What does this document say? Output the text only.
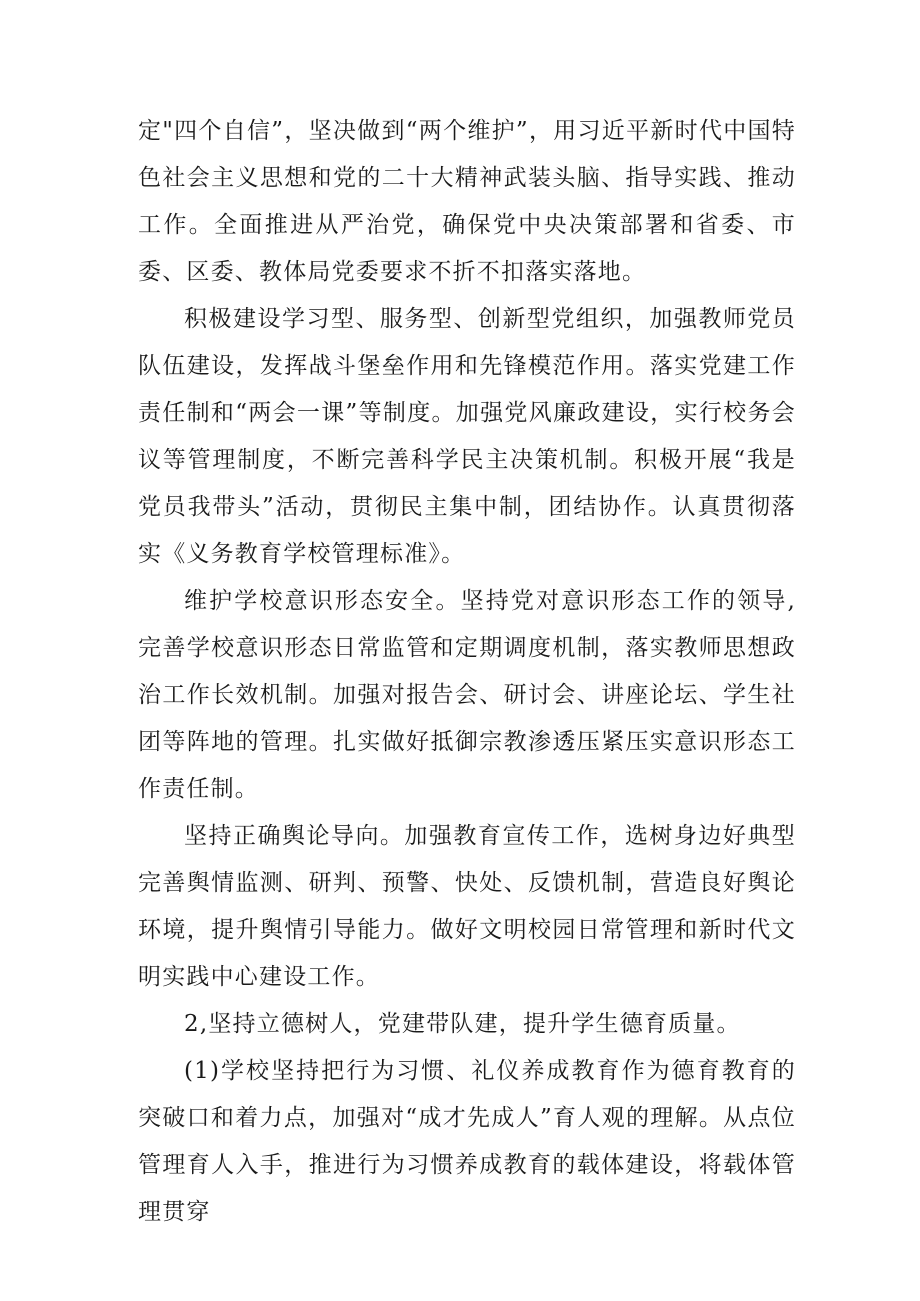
定"四个自信”，坚决做到“两个维护”，用习近平新时代中国特色社会主义思想和党的二十大精神武装头脑、指导实践、推动工作。全面推进从严治党，确保党中央决策部署和省委、市委、区委、教体局党委要求不折不扣落实落地。

积极建设学习型、服务型、创新型党组织，加强教师党员队伍建设，发挥战斗堡垒作用和先锋模范作用。落实党建工作责任制和“两会一课”等制度。加强党风廉政建设，实行校务会议等管理制度，不断完善科学民主决策机制。积极开展“我是党员我带头”活动，贯彻民主集中制，团结协作。认真贯彻落实《义务教育学校管理标准》。

维护学校意识形态安全。坚持党对意识形态工作的领导,完善学校意识形态日常监管和定期调度机制，落实教师思想政治工作长效机制。加强对报告会、研讨会、讲座论坛、学生社团等阵地的管理。扎实做好抵御宗教渗透压紧压实意识形态工作责任制。

坚持正确舆论导向。加强教育宣传工作，选树身边好典型完善舆情监测、研判、预警、快处、反馈机制，营造良好舆论环境，提升舆情引导能力。做好文明校园日常管理和新时代文明实践中心建设工作。

2,坚持立德树人，党建带队建，提升学生德育质量。

(1)学校坚持把行为习惯、礼仪养成教育作为德育教育的突破口和着力点，加强对“成才先成人”育人观的理解。从点位管理育人入手，推进行为习惯养成教育的载体建设，将载体管理贯穿
